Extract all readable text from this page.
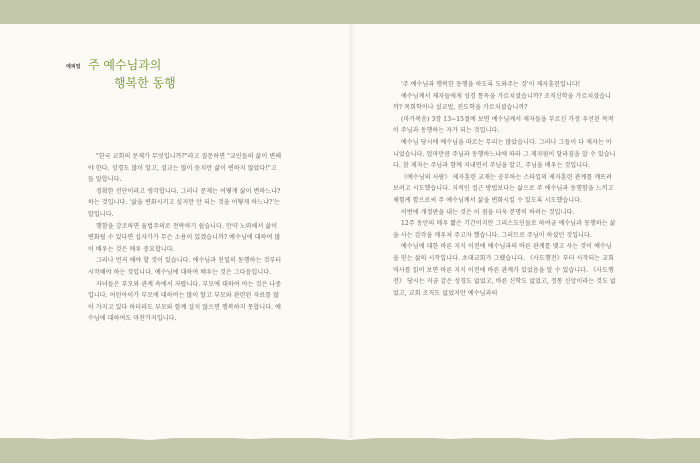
에피얼 주 예수님과의
행복한 동행

"한국 교회의 문제가 무엇입니까?"라고 질문하면 "교인들의 삶이 변해야 한다. 성경도 많이 알고, 설교는 많이 듣지만 삶이 변하지 않았다!"고들 말합니다.

정확한 진단이라고 생각합니다. 그러나 문제는 어떻게 삶이 변하느냐? 하는 것입니다. '삶을 변화시키고 싶지만 안 되는 것을 어떻게 하느냐?'는 말입니다.

행함을 강조하면 율법주의로 전락하기 쉽습니다. 만약 노력해서 삶이 변화될 수 있다면 십자가가 무슨 소용이 있겠습니까? 예수님에 대하여 많이 배우는 것은 매우 중요합니다.

그러나 먼저 해야 할 것이 있습니다. 예수님과 친밀히 동행하는 것부터 시작해야 하는 것입니다. 예수님에 대하여 배우는 것은 그다음입니다.

자녀들은 부모와 관계 속에서 자랍니다. 부모에 대하여 아는 것은 나중입니다. 어린아이가 부모에 대하여는 많이 알고 부모와 관련된 자료를 많이 가지고 있다 하더라도 부모와 함께 살지 않으면 행복하지 못합니다. 예수님에 대하여도 마찬가지입니다.

'주 예수님과 행복한 동행을 하도록 도와주는 것'이 제자훈련입니다!

예수님께서 제자들에게 성경 통독을 가르치셨습니까? 조직신학을 가르치셨습니까? 목회학이나 설교법, 전도학을 가르치셨습니까?

(마가복음) 3장 13~15절에 보면 예수님께서 제자들을 부르신 가장 우선된 목적이 주님과 동행하는 자가 되는 것입니다.

예수님 당시에 예수님을 따르는 무리는 많았습니다. 그러나 그들이 다 제자는 아니었습니다. 얼마만큼 주님과 동행하느냐에 따라 그 제자됨이 달라짐을 알 수 있습니다. 참 제자는 주님과 함께 지내면서 주님을 알고, 주님을 배우는 것입니다.

《예수님의 사람》 제자훈련 교재는 공부하는 스타일의 제자훈련 관계를 깨뜨려 보려고 시도했습니다. 지적인 접근 방법보다는 삶으로 주 예수님과 동행함을 느끼고 체험케 함으로써 주 예수님께서 삶을 변화시킬 수 있도록 시도했습니다.

이번에 개정판을 내는 것은 이 점을 더욱 분명히 하려는 것입니다.

12주 동안의 매우 짧은 기간이지만 그리스도인들로 하여금 예수님과 동행하는 삶을 사는 감각을 깨우쳐 주고자 했습니다. 그러므로 주님이 하셨던 것입니다.

예수님에 대한 바른 지식 이전에 예수님과의 바른 관계를 맺고 사는 것이 예수님을 믿는 삶의 시작입니다. 초대교회가 그랬습니다. 《사도행전》부터 시작되는 교회 역사를 읽어 보면 바른 지식 이전에 바른 관계가 있었음을 알 수 있습니다. 《사도행전》 당시는 지금 같은 성경도 없었고, 바른 신학도 없었고, 정통 신앙이라는 것도 없었고, 교회 조직도 없었지만 예수님과의
